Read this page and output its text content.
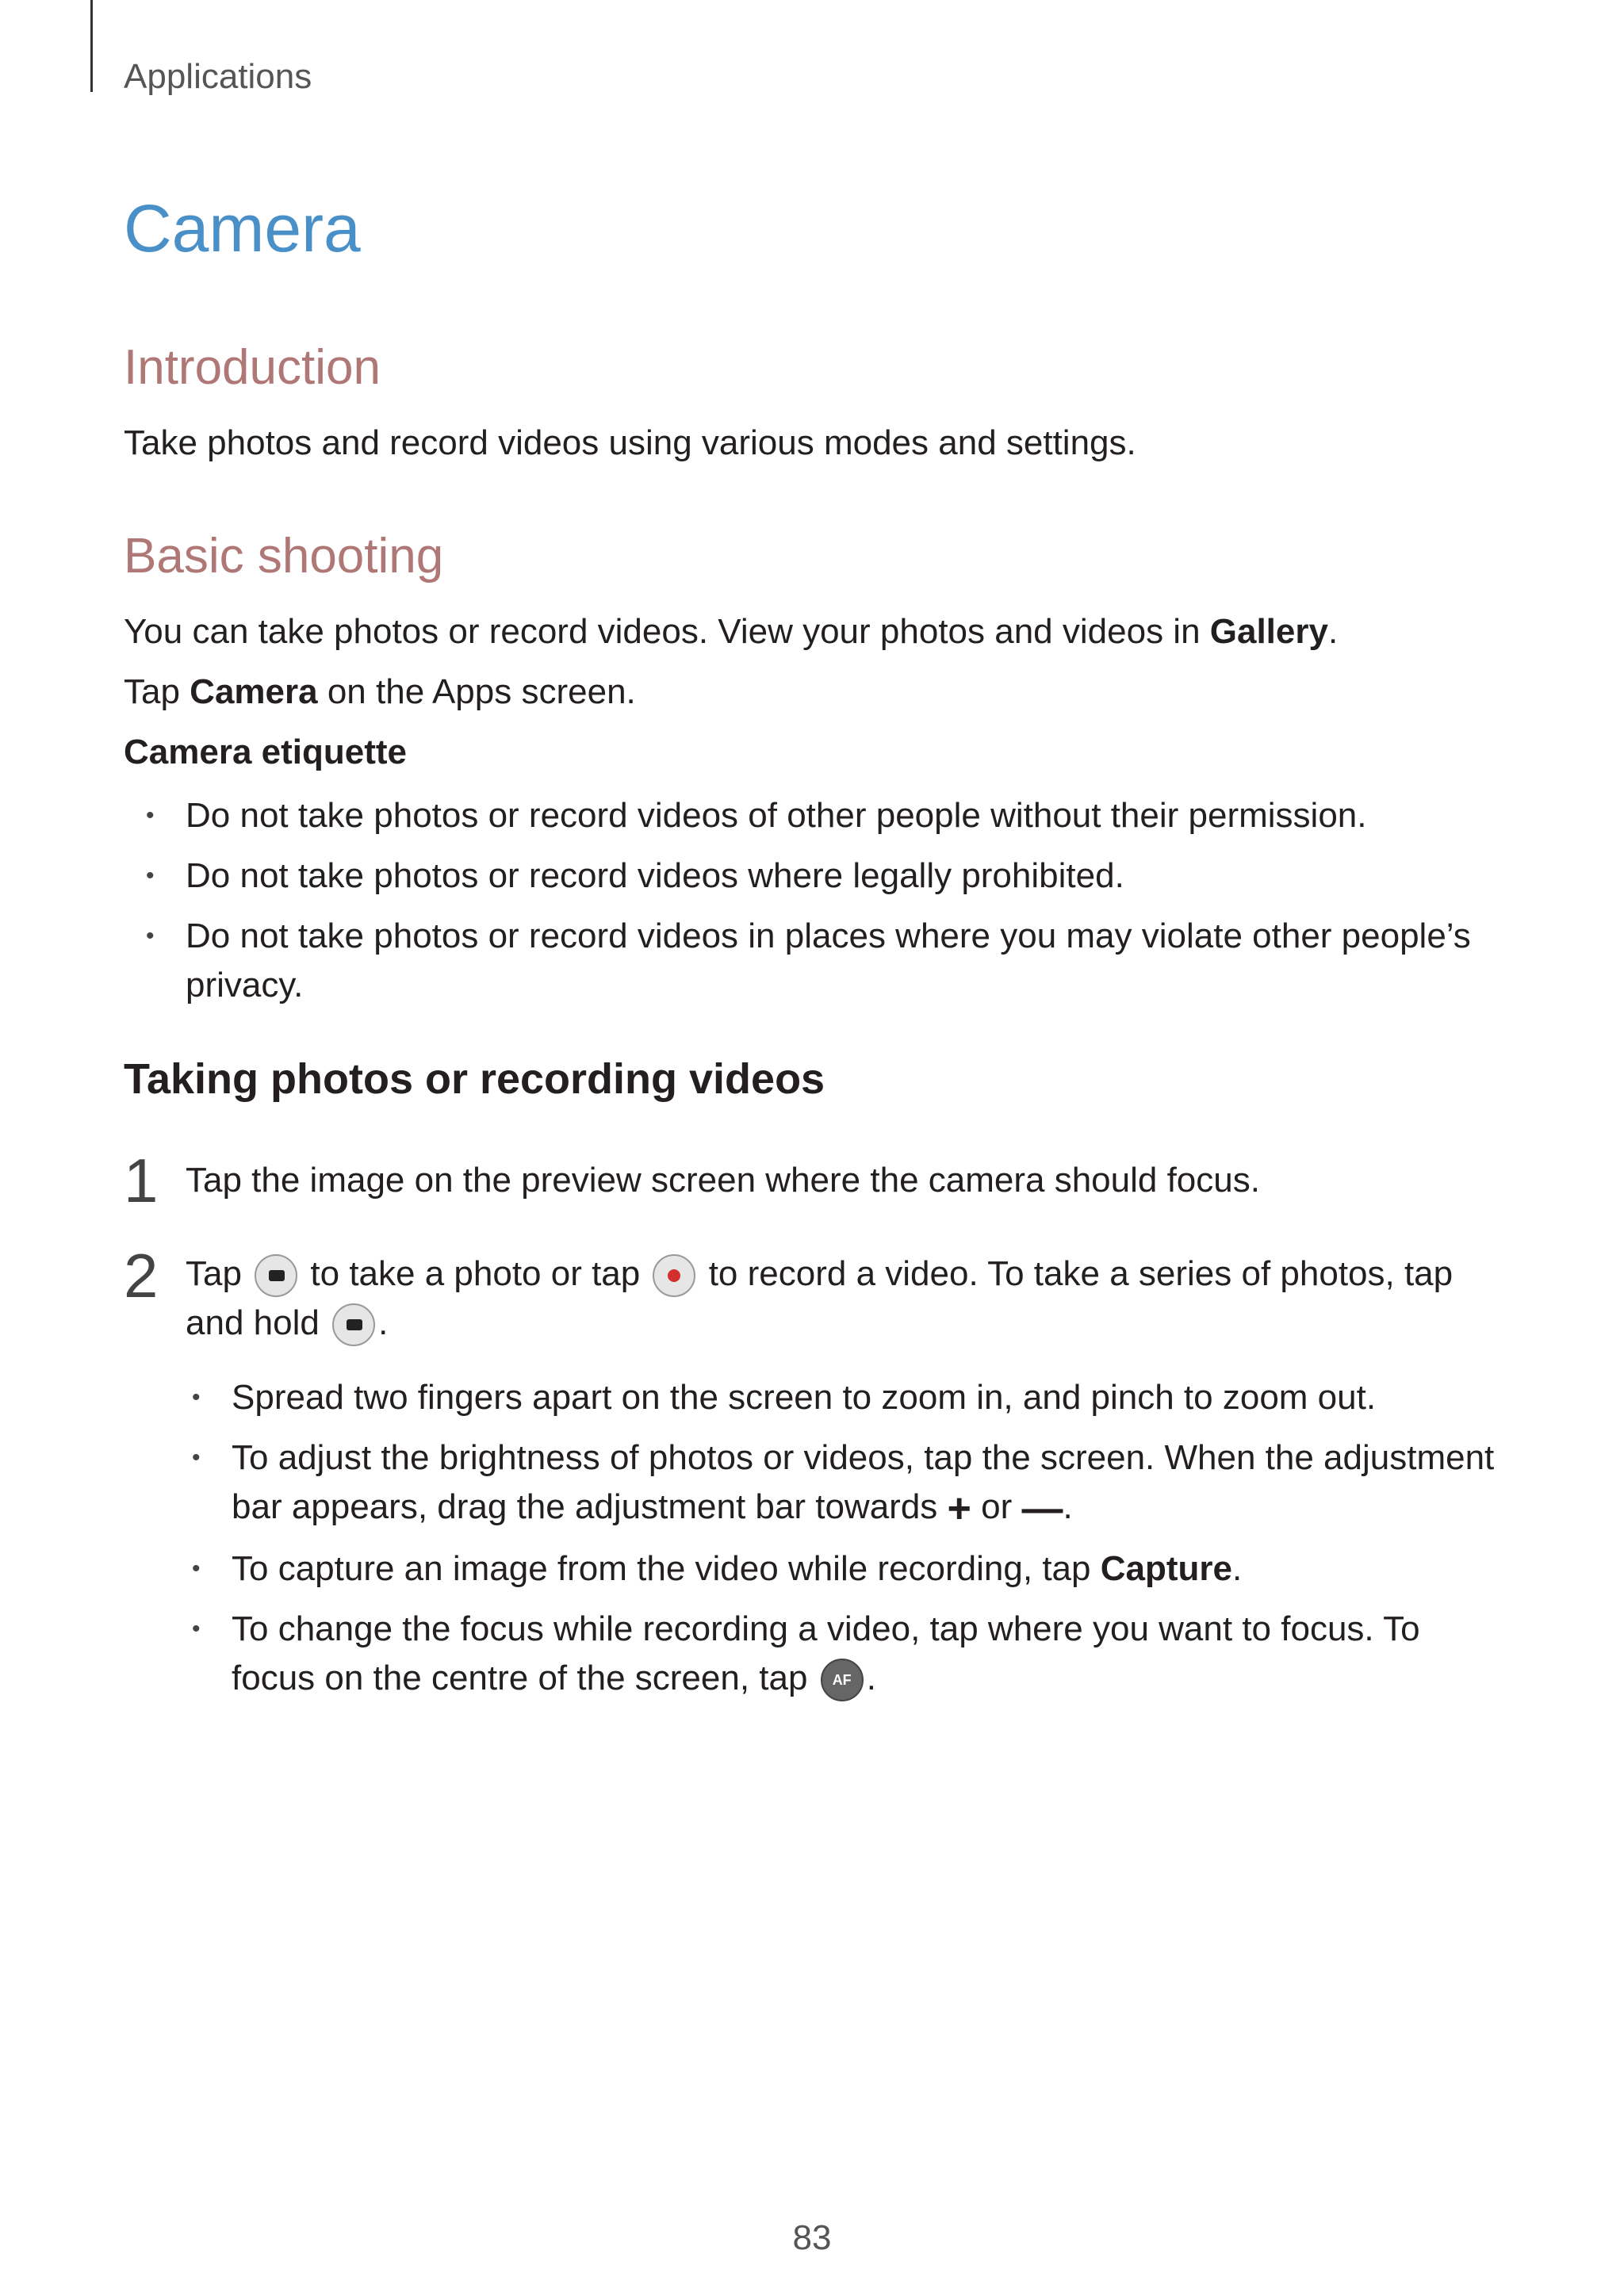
Applications
Camera
Introduction
Take photos and record videos using various modes and settings.
Basic shooting
You can take photos or record videos. View your photos and videos in Gallery.
Tap Camera on the Apps screen.
Camera etiquette
• Do not take photos or record videos of other people without their permission.
• Do not take photos or record videos where legally prohibited.
• Do not take photos or record videos in places where you may violate other people’s privacy.
Taking photos or recording videos
1 Tap the image on the preview screen where the camera should focus.
2 Tap  to take a photo or tap  to record a video. To take a series of photos, tap and hold .
• Spread two fingers apart on the screen to zoom in, and pinch to zoom out.
• To adjust the brightness of photos or videos, tap the screen. When the adjustment bar appears, drag the adjustment bar towards + or —.
• To capture an image from the video while recording, tap Capture.
• To change the focus while recording a video, tap where you want to focus. To focus on the centre of the screen, tap AF .
83
